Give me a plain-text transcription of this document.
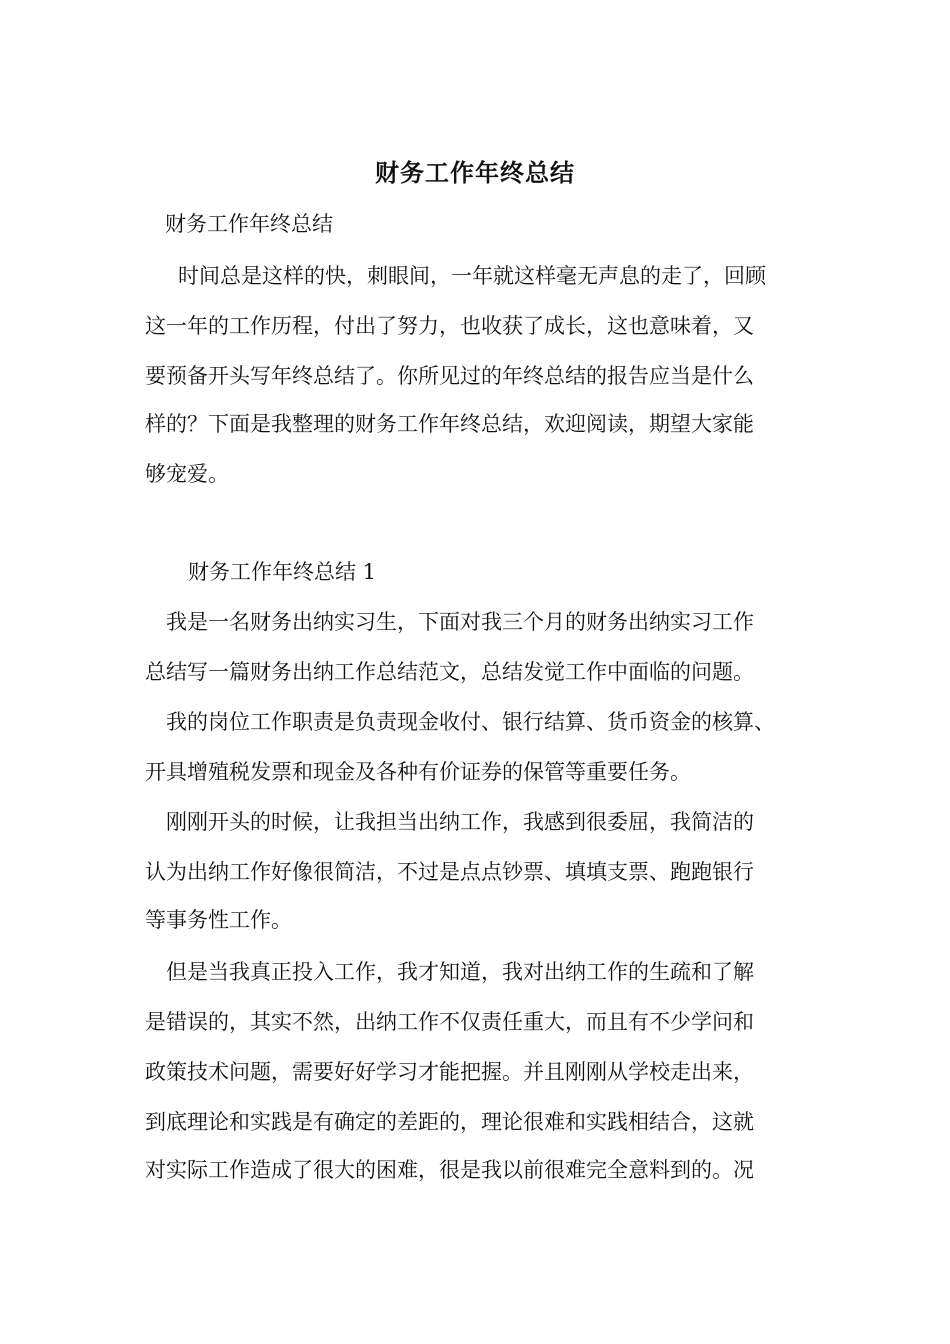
财务工作年终总结
财务工作年终总结
时间总是这样的快，刺眼间，一年就这样毫无声息的走了，回顾
这一年的工作历程，付出了努力，也收获了成长，这也意味着，又
要预备开头写年终总结了。你所见过的年终总结的报告应当是什么
样的？下面是我整理的财务工作年终总结，欢迎阅读，期望大家能
够宠爱。
财务工作年终总结 1
我是一名财务出纳实习生，下面对我三个月的财务出纳实习工作
总结写一篇财务出纳工作总结范文，总结发觉工作中面临的问题。
我的岗位工作职责是负责现金收付、银行结算、货币资金的核算、
开具增殖税发票和现金及各种有价证券的保管等重要任务。
刚刚开头的时候，让我担当出纳工作，我感到很委屈，我简洁的
认为出纳工作好像很简洁，不过是点点钞票、填填支票、跑跑银行
等事务性工作。
但是当我真正投入工作，我才知道，我对出纳工作的生疏和了解
是错误的，其实不然，出纳工作不仅责任重大，而且有不少学问和
政策技术问题，需要好好学习才能把握。并且刚刚从学校走出来，
到底理论和实践是有确定的差距的，理论很难和实践相结合，这就
对实际工作造成了很大的困难，很是我以前很难完全意料到的。况
